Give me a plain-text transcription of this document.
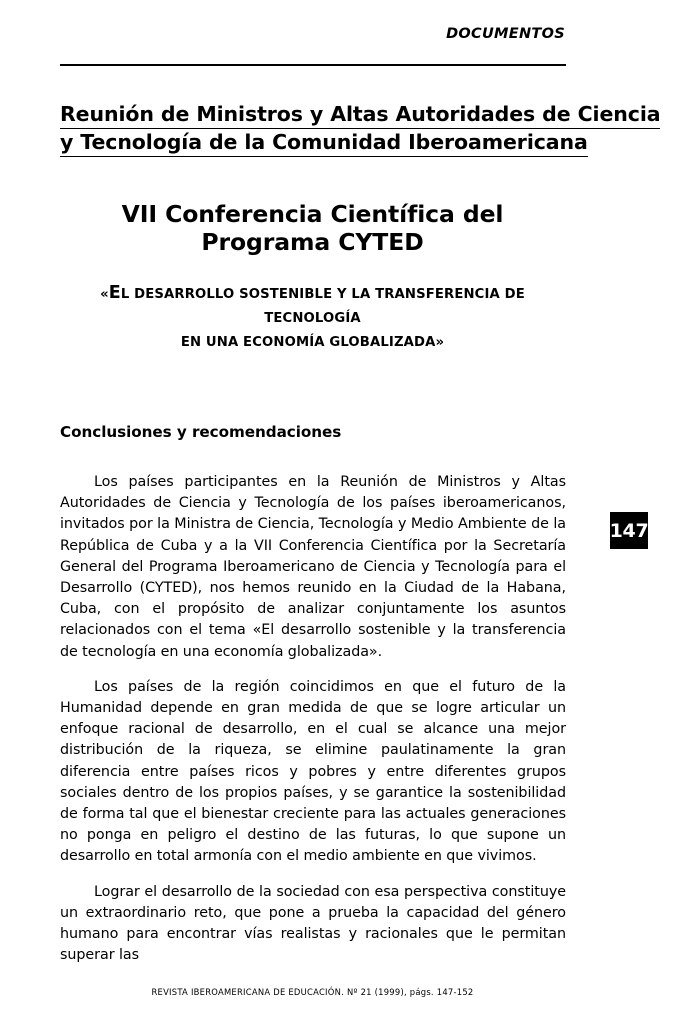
DOCUMENTOS
Reunión de Ministros y Altas Autoridades de Ciencia
y Tecnología de la Comunidad Iberoamericana
VII Conferencia Científica del Programa CYTED
«EL DESARROLLO SOSTENIBLE Y LA TRANSFERENCIA DE TECNOLOGÍA
EN UNA ECONOMÍA GLOBALIZADA»
Conclusiones y recomendaciones

Los países participantes en la Reunión de Ministros y Altas Autoridades de Ciencia y Tecnología de los países iberoamericanos, invitados por la Ministra de Ciencia, Tecnología y Medio Ambiente de la República de Cuba y a la VII Conferencia Científica por la Secretaría General del Programa Iberoamericano de Ciencia y Tecnología para el Desarrollo (CYTED), nos hemos reunido en la Ciudad de la Habana, Cuba, con el propósito de analizar conjuntamente los asuntos relacionados con el tema «El desarrollo sostenible y la transferencia de tecnología en una economía globalizada».

Los países de la región coincidimos en que el futuro de la Humanidad depende en gran medida de que se logre articular un enfoque racional de desarrollo, en el cual se alcance una mejor distribución de la riqueza, se elimine paulatinamente la gran diferencia entre países ricos y pobres y entre diferentes grupos sociales dentro de los propios países, y se garantice la sostenibilidad de forma tal que el bienestar creciente para las actuales generaciones no ponga en peligro el destino de las futuras, lo que supone un desarrollo en total armonía con el medio ambiente en que vivimos.

Lograr el desarrollo de la sociedad con esa perspectiva constituye un extraordinario reto, que pone a prueba la capacidad del género humano para encontrar vías realistas y racionales que le permitan superar las

147
REVISTA IBEROAMERICANA DE EDUCACIÓN. Nº 21 (1999), págs. 147-152
